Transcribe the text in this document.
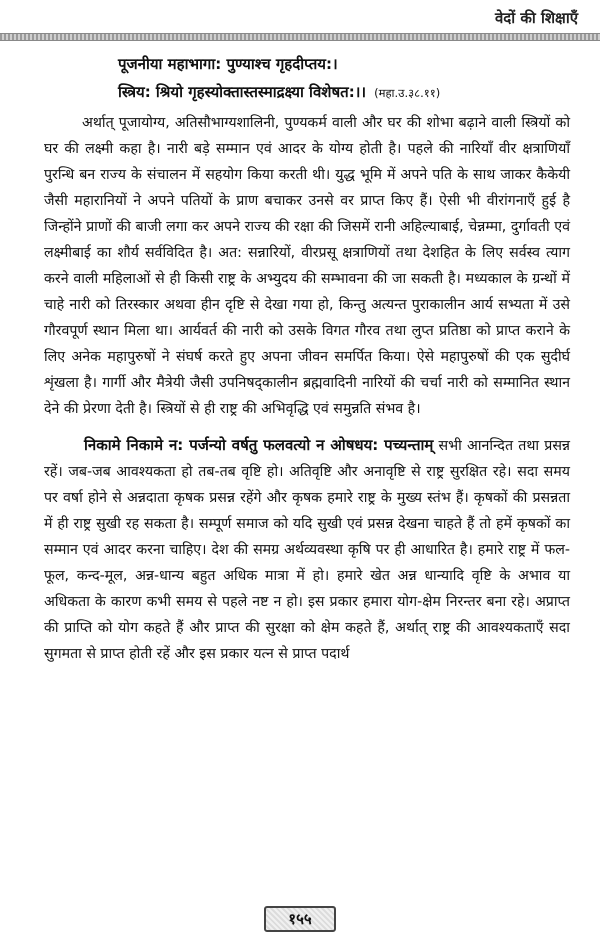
वेदों की शिक्षाएँ

पूजनीया महाभागा: पुण्याश्च गृहदीप्तय:।

स्त्रिय: श्रियो गृहस्योक्तास्तस्माद्रक्ष्या विशेषत:।। (महा.उ.३८.११)

अर्थात् पूजायोग्य, अतिसौभाग्यशालिनी, पुण्यकर्म वाली और घर की शोभा बढ़ाने वाली स्त्रियों को घर की लक्ष्मी कहा है। नारी बड़े सम्मान एवं आदर के योग्य होती है। पहले की नारियाँ वीर क्षत्राणियाँ पुरन्धि बन राज्य के संचालन में सहयोग किया करती थी। युद्ध भूमि में अपने पति के साथ जाकर कैकेयी जैसी महारानियों ने अपने पतियों के प्राण बचाकर उनसे वर प्राप्त किए हैं। ऐसी भी वीरांगनाएँ हुई है जिन्होंने प्राणों की बाजी लगा कर अपने राज्य की रक्षा की जिसमें रानी अहिल्याबाई, चेन्नम्मा, दुर्गावती एवं लक्ष्मीबाई का शौर्य सर्वविदित है। अत: सन्नारियों, वीरप्रसू क्षत्राणियों तथा देशहित के लिए सर्वस्व त्याग करने वाली महिलाओं से ही किसी राष्ट्र के अभ्युदय की सम्भावना की जा सकती है। मध्यकाल के ग्रन्थों में चाहे नारी को तिरस्कार अथवा हीन दृष्टि से देखा गया हो, किन्तु अत्यन्त पुराकालीन आर्य सभ्यता में उसे गौरवपूर्ण स्थान मिला था। आर्यवर्त की नारी को उसके विगत गौरव तथा लुप्त प्रतिष्ठा को प्राप्त कराने के लिए अनेक महापुरुषों ने संघर्ष करते हुए अपना जीवन समर्पित किया। ऐसे महापुरुषों की एक सुदीर्घ शृंखला है। गार्गी और मैत्रेयी जैसी उपनिषद्कालीन ब्रह्मवादिनी नारियों की चर्चा नारी को सम्मानित स्थान देने की प्रेरणा देती है। स्त्रियों से ही राष्ट्र की अभिवृद्धि एवं समुन्नति संभव है।

निकामे निकामे न: पर्जन्यो वर्षतु फलवत्यो न ओषधय: पच्यन्ताम् सभी आनन्दित तथा प्रसन्न रहें। जब-जब आवश्यकता हो तब-तब वृष्टि हो। अतिवृष्टि और अनावृष्टि से राष्ट्र सुरक्षित रहे। सदा समय पर वर्षा होने से अन्नदाता कृषक प्रसन्न रहेंगे और कृषक हमारे राष्ट्र के मुख्य स्तंभ हैं। कृषकों की प्रसन्नता में ही राष्ट्र सुखी रह सकता है। सम्पूर्ण समाज को यदि सुखी एवं प्रसन्न देखना चाहते हैं तो हमें कृषकों का सम्मान एवं आदर करना चाहिए। देश की समग्र अर्थव्यवस्था कृषि पर ही आधारित है। हमारे राष्ट्र में फल-फूल, कन्द-मूल, अन्न-धान्य बहुत अधिक मात्रा में हो। हमारे खेत अन्न धान्यादि वृष्टि के अभाव या अधिकता के कारण कभी समय से पहले नष्ट न हो। इस प्रकार हमारा योग-क्षेम निरन्तर बना रहे। अप्राप्त की प्राप्ति को योग कहते हैं और प्राप्त की सुरक्षा को क्षेम कहते हैं, अर्थात् राष्ट्र की आवश्यकताएँ सदा सुगमता से प्राप्त होती रहें और इस प्रकार यत्न से प्राप्त पदार्थ

१५५
